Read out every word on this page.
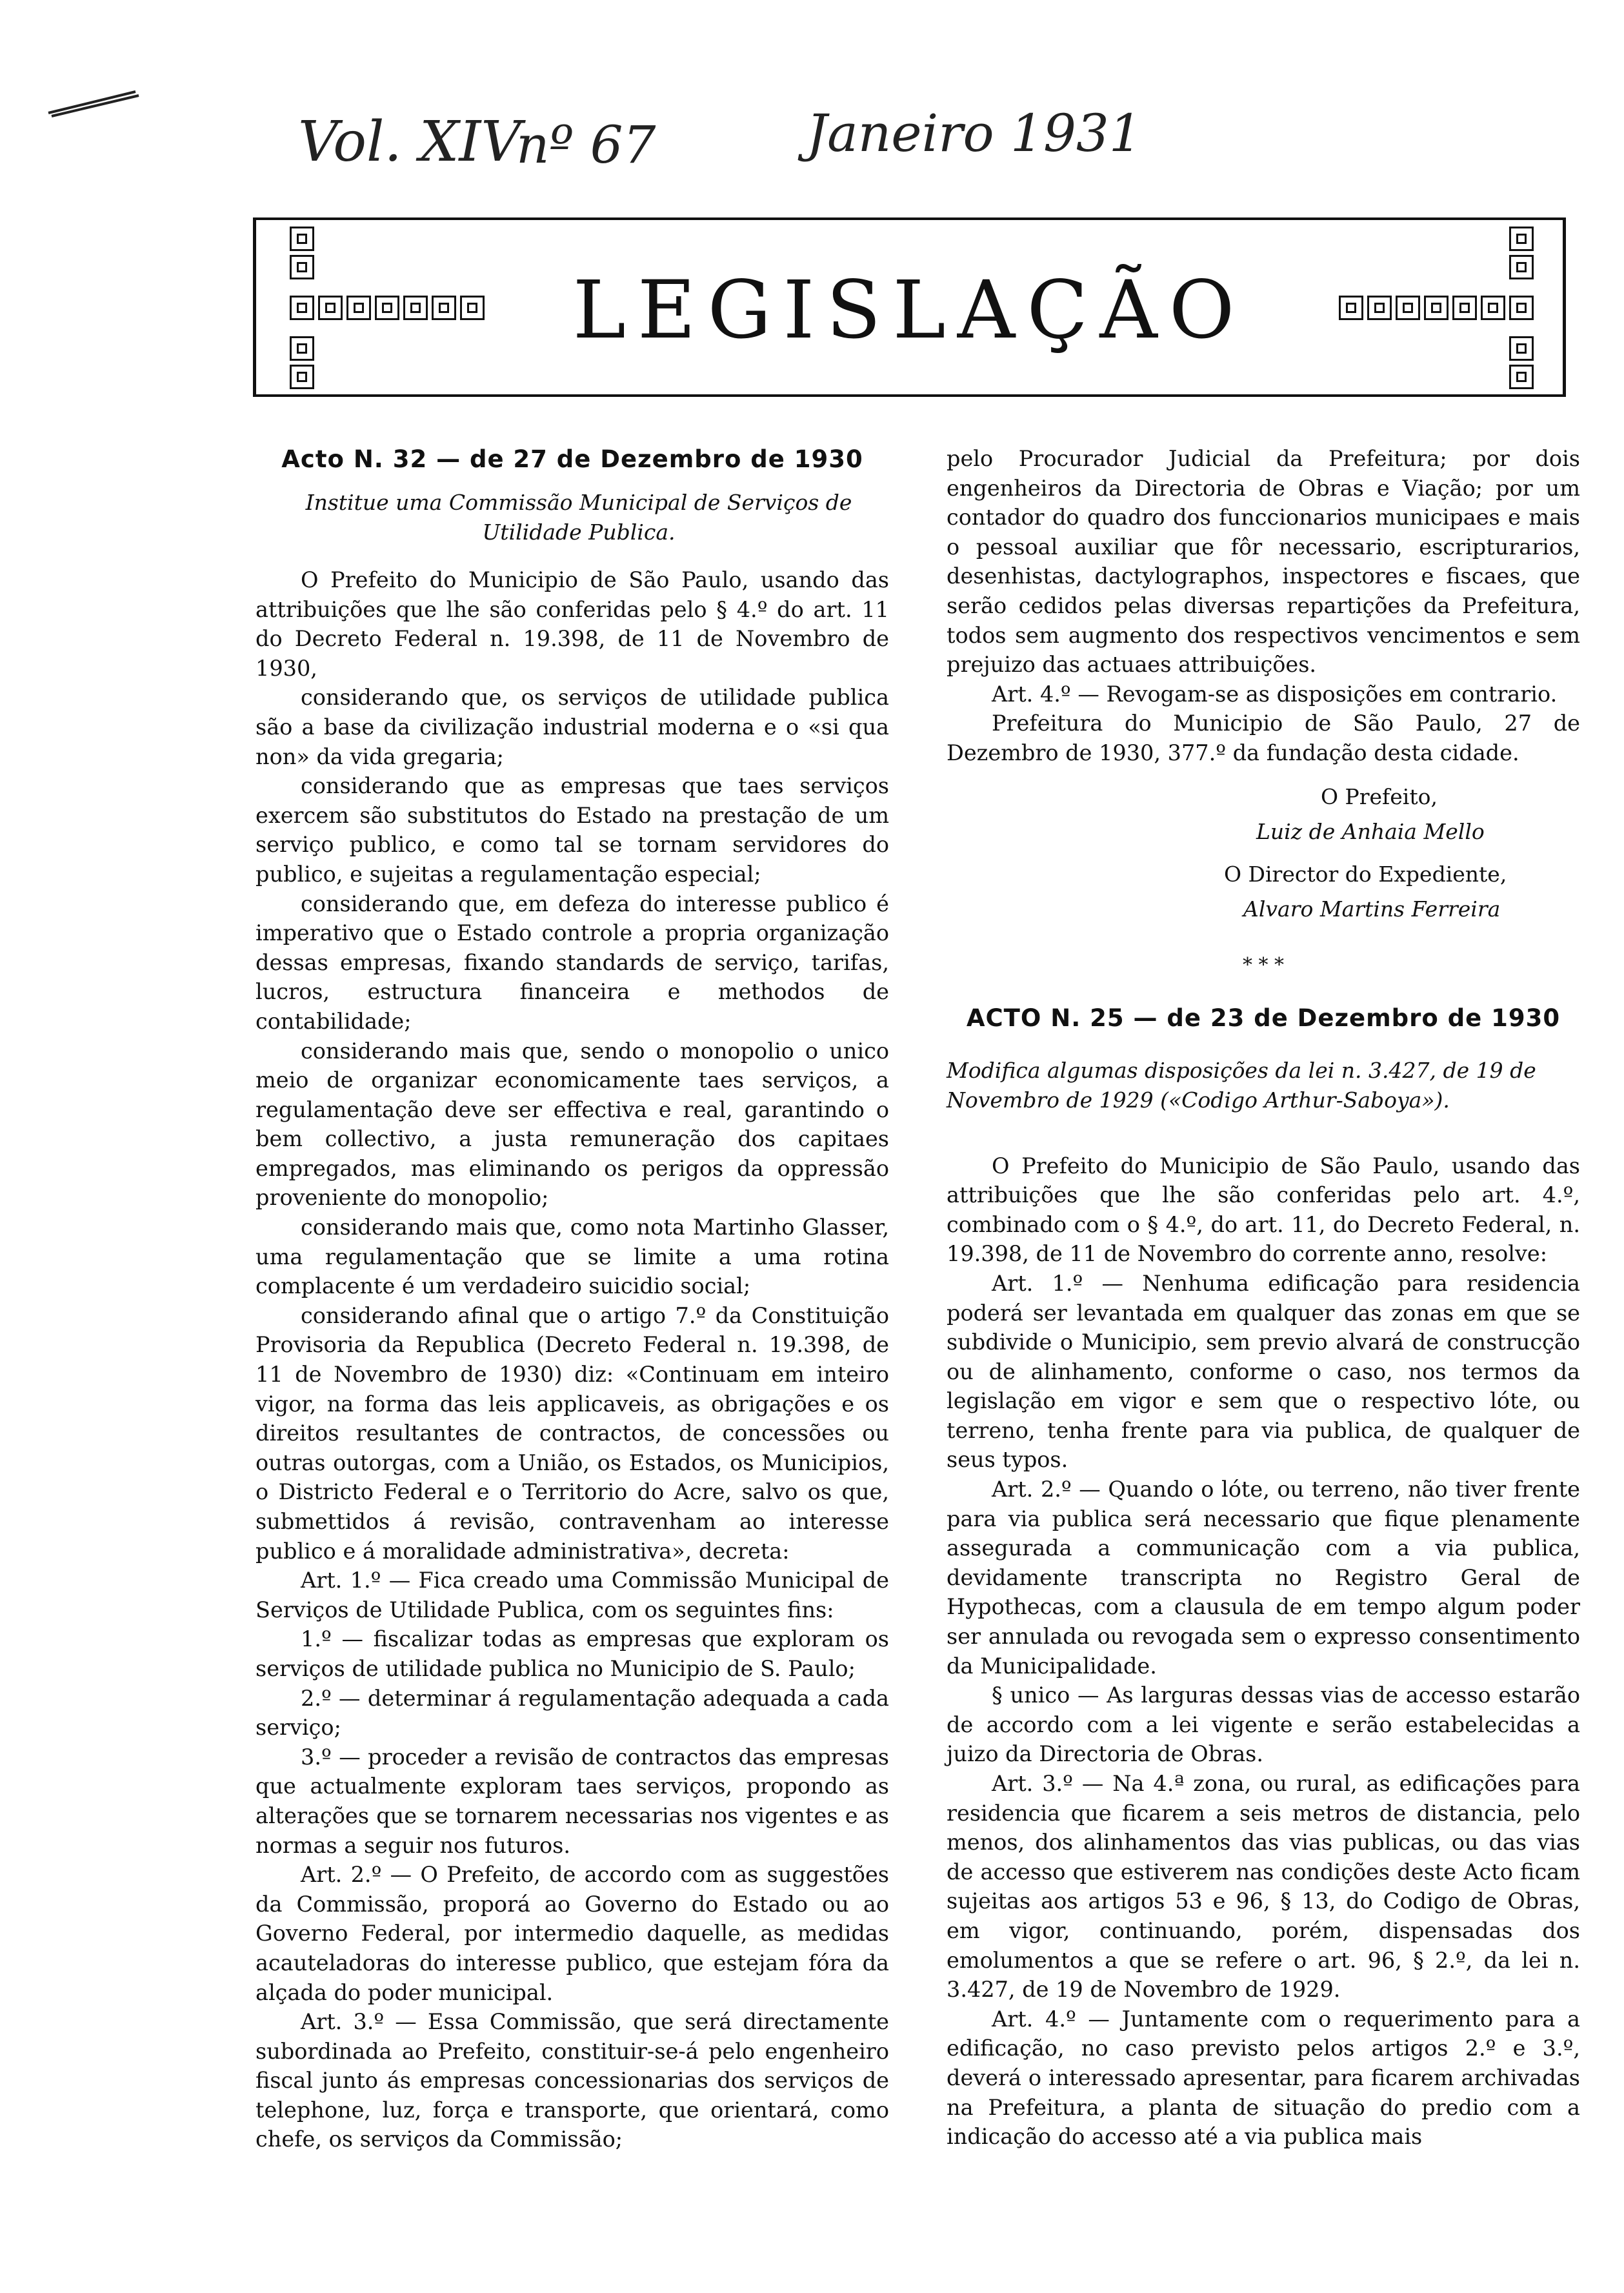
Vol. XIV
nº 67	Janeiro 1931
LEGISLAÇÃO
Acto N. 32 — de 27 de Dezembro de 1930

Institue uma Commissão Municipal de Serviços de Utilidade Publica.

O Prefeito do Municipio de São Paulo, usando das attribuições que lhe são conferidas pelo § 4.º do art. 11 do Decreto Federal n. 19.398, de 11 de Novembro de 1930,

considerando que, os serviços de utilidade publica são a base da civilização industrial moderna e o «si qua non» da vida gregaria;

considerando que as empresas que taes serviços exercem são substitutos do Estado na prestação de um serviço publico, e como tal se tornam servidores do publico, e sujeitas a regulamentação especial;

considerando que, em defeza do interesse publico é imperativo que o Estado controle a propria organização dessas empresas, fixando standards de serviço, tarifas, lucros, estructura financeira e methodos de contabilidade;

considerando mais que, sendo o monopolio o unico meio de organizar economicamente taes serviços, a regulamentação deve ser effectiva e real, garantindo o bem collectivo, a justa remuneração dos capitaes empregados, mas eliminando os perigos da oppressão proveniente do monopolio;

considerando mais que, como nota Martinho Glasser, uma regulamentação que se limite a uma rotina complacente é um verdadeiro suicidio social;

considerando afinal que o artigo 7.º da Constituição Provisoria da Republica (Decreto Federal n. 19.398, de 11 de Novembro de 1930) diz: «Continuam em inteiro vigor, na forma das leis applicaveis, as obrigações e os direitos resultantes de contractos, de concessões ou outras outorgas, com a União, os Estados, os Municipios, o Districto Federal e o Territorio do Acre, salvo os que, submettidos á revisão, contravenham ao interesse publico e á moralidade administrativa», decreta:

Art. 1.º — Fica creado uma Commissão Municipal de Serviços de Utilidade Publica, com os seguintes fins:

1.º — fiscalizar todas as empresas que exploram os serviços de utilidade publica no Municipio de S. Paulo;

2.º — determinar á regulamentação adequada a cada serviço;

3.º — proceder a revisão de contractos das empresas que actualmente exploram taes serviços, propondo as alterações que se tornarem necessarias nos vigentes e as normas a seguir nos futuros.

Art. 2.º — O Prefeito, de accordo com as suggestões da Commissão, proporá ao Governo do Estado ou ao Governo Federal, por intermedio daquelle, as medidas acauteladoras do interesse publico, que estejam fóra da alçada do poder municipal.

Art. 3.º — Essa Commissão, que será directamente subordinada ao Prefeito, constituir-se-á pelo engenheiro fiscal junto ás empresas concessionarias dos serviços de telephone, luz, força e transporte, que orientará, como chefe, os serviços da Commissão;

pelo Procurador Judicial da Prefeitura; por dois engenheiros da Directoria de Obras e Viação; por um contador do quadro dos funccionarios municipaes e mais o pessoal auxiliar que fôr necessario, escripturarios, desenhistas, dactylographos, inspectores e fiscaes, que serão cedidos pelas diversas repartições da Prefeitura, todos sem augmento dos respectivos vencimentos e sem prejuizo das actuaes attribuições.

Art. 4.º — Revogam-se as disposições em contrario.

Prefeitura do Municipio de São Paulo, 27 de Dezembro de 1930, 377.º da fundação desta cidade.

O Prefeito,

Luiz de Anhaia Mello

O Director do Expediente,

Alvaro Martins Ferreira

* * *
ACTO N. 25 — de 23 de Dezembro de 1930

Modifica algumas disposições da lei n. 3.427, de 19 de Novembro de 1929 («Codigo Arthur-Saboya»).

O Prefeito do Municipio de São Paulo, usando das attribuições que lhe são conferidas pelo art. 4.º, combinado com o § 4.º, do art. 11, do Decreto Federal, n. 19.398, de 11 de Novembro do corrente anno, resolve:

Art. 1.º — Nenhuma edificação para residencia poderá ser levantada em qualquer das zonas em que se subdivide o Municipio, sem previo alvará de construcção ou de alinhamento, conforme o caso, nos termos da legislação em vigor e sem que o respectivo lóte, ou terreno, tenha frente para via publica, de qualquer de seus typos.

Art. 2.º — Quando o lóte, ou terreno, não tiver frente para via publica será necessario que fique plenamente assegurada a communicação com a via publica, devidamente transcripta no Registro Geral de Hypothecas, com a clausula de em tempo algum poder ser annulada ou revogada sem o expresso consentimento da Municipalidade.

§ unico — As larguras dessas vias de accesso estarão de accordo com a lei vigente e serão estabelecidas a juizo da Directoria de Obras.

Art. 3.º — Na 4.ª zona, ou rural, as edificações para residencia que ficarem a seis metros de distancia, pelo menos, dos alinhamentos das vias publicas, ou das vias de accesso que estiverem nas condições deste Acto ficam sujeitas aos artigos 53 e 96, § 13, do Codigo de Obras, em vigor, continuando, porém, dispensadas dos emolumentos a que se refere o art. 96, § 2.º, da lei n. 3.427, de 19 de Novembro de 1929.

Art. 4.º — Juntamente com o requerimento para a edificação, no caso previsto pelos artigos 2.º e 3.º, deverá o interessado apresentar, para ficarem archivadas na Prefeitura, a planta de situação do predio com a indicação do accesso até a via publica mais
